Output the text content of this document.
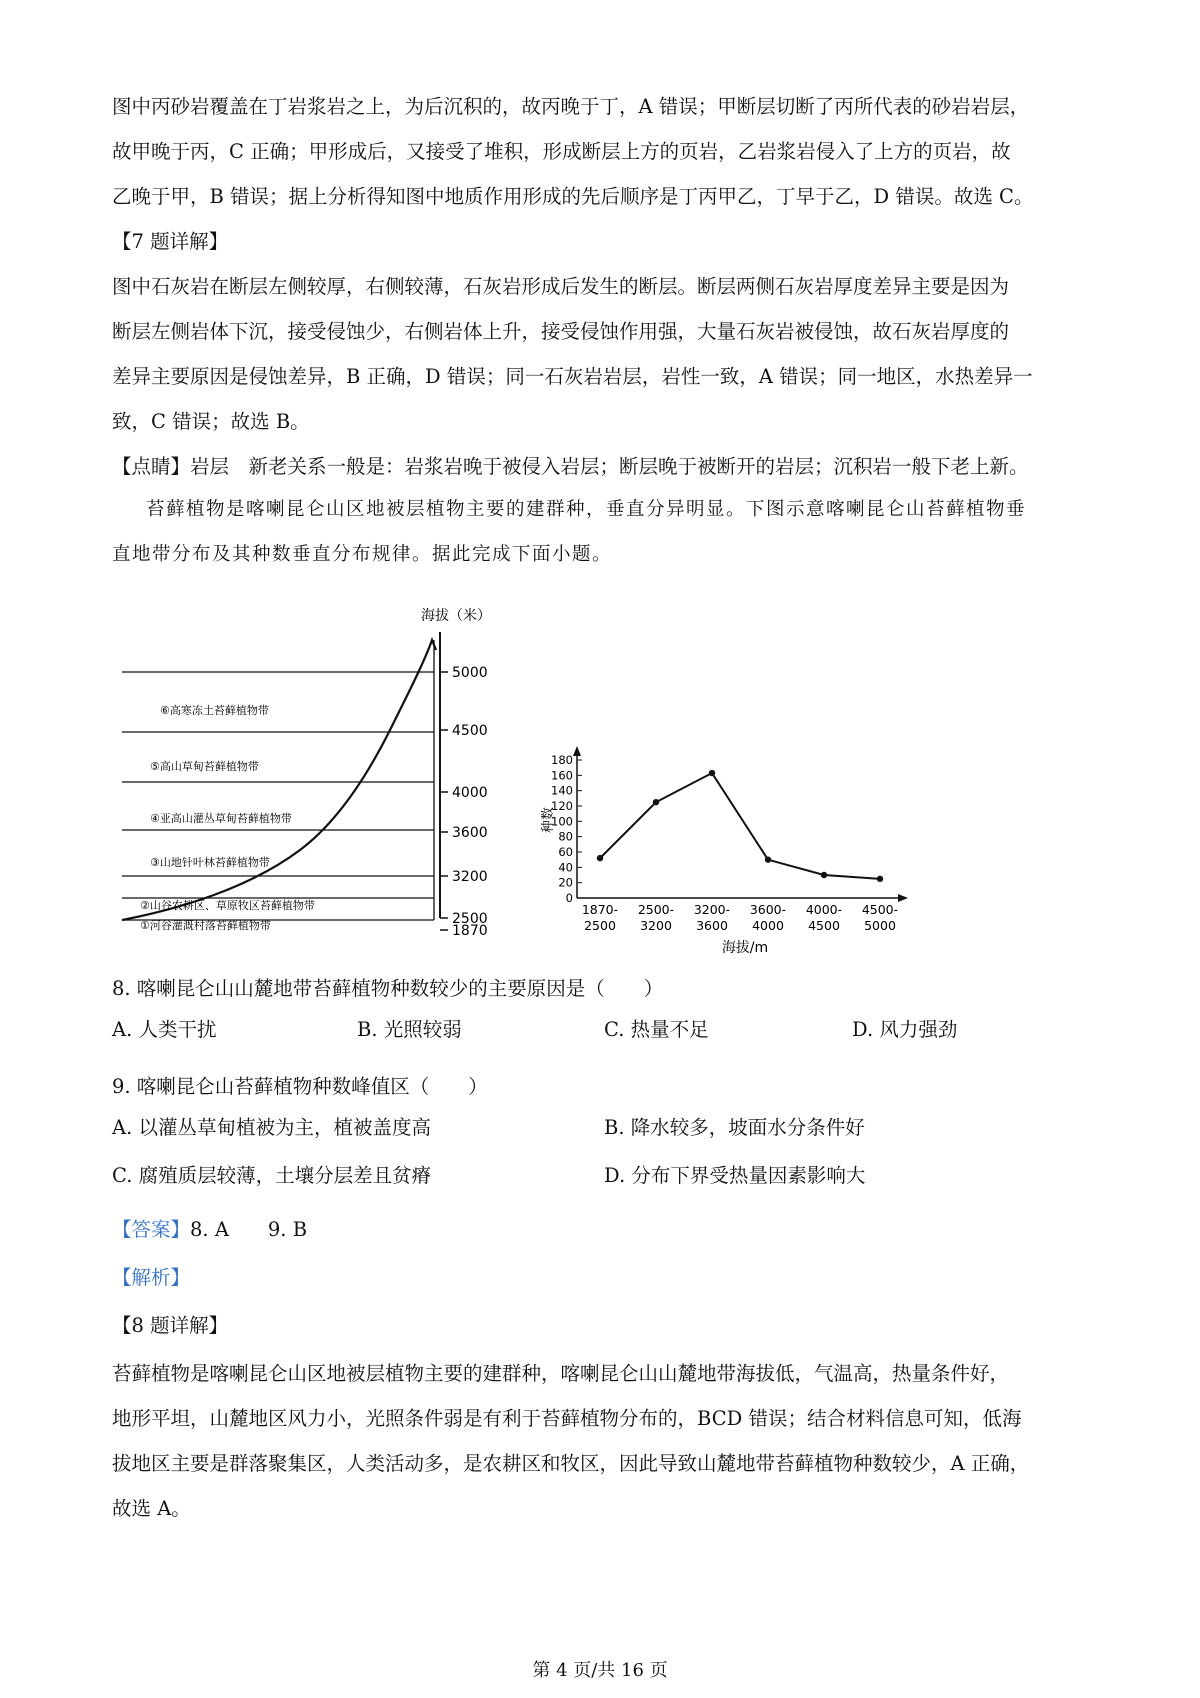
图中丙砂岩覆盖在丁岩浆岩之上，为后沉积的，故丙晚于丁，A 错误；甲断层切断了丙所代表的砂岩岩层，

故甲晚于丙，C 正确；甲形成后，又接受了堆积，形成断层上方的页岩，乙岩浆岩侵入了上方的页岩，故

乙晚于甲，B 错误；据上分析得知图中地质作用形成的先后顺序是丁丙甲乙，丁早于乙，D 错误。故选 C。

【7 题详解】

图中石灰岩在断层左侧较厚，右侧较薄，石灰岩形成后发生的断层。断层两侧石灰岩厚度差异主要是因为

断层左侧岩体下沉，接受侵蚀少，右侧岩体上升，接受侵蚀作用强，大量石灰岩被侵蚀，故石灰岩厚度的

差异主要原因是侵蚀差异，B 正确，D 错误；同一石灰岩岩层，岩性一致，A 错误；同一地区，水热差异一

致，C 错误；故选 B。

【点睛】岩层　新老关系一般是：岩浆岩晚于被侵入岩层；断层晚于被断开的岩层；沉积岩一般下老上新。

苔藓植物是喀喇昆仑山区地被层植物主要的建群种，垂直分异明显。下图示意喀喇昆仑山苔藓植物垂

直地带分布及其种数垂直分布规律。据此完成下面小题。

海拔（米）
5000
4500
4000
3600
3200
2500
1870
⑥高寒冻土苔藓植物带
⑤高山草甸苔藓植物带
④亚高山灌丛草甸苔藓植物带
③山地针叶林苔藓植物带
②山谷农耕区、草原牧区苔藓植物带
①河谷灌溉村落苔藓植物带
种数
0
20
40
60
80
100
120
140
160
180
1870-
2500
2500-
3200
3200-
3600
3600-
4000
4000-
4500
4500-
5000
海拔/m
8. 喀喇昆仑山山麓地带苔藓植物种数较少的主要原因是（　　）
A. 人类干扰	B. 光照较弱	C. 热量不足	D. 风力强劲
9. 喀喇昆仑山苔藓植物种数峰值区（　　）
A. 以灌丛草甸植被为主，植被盖度高	B. 降水较多，坡面水分条件好
C. 腐殖质层较薄，土壤分层差且贫瘠	D. 分布下界受热量因素影响大
【答案】8. A　　9. B
【解析】
【8 题详解】

苔藓植物是喀喇昆仑山区地被层植物主要的建群种，喀喇昆仑山山麓地带海拔低，气温高，热量条件好，

地形平坦，山麓地区风力小，光照条件弱是有利于苔藓植物分布的，BCD 错误；结合材料信息可知，低海

拔地区主要是群落聚集区，人类活动多，是农耕区和牧区，因此导致山麓地带苔藓植物种数较少，A 正确，

故选 A。

第 4 页/共 16 页
